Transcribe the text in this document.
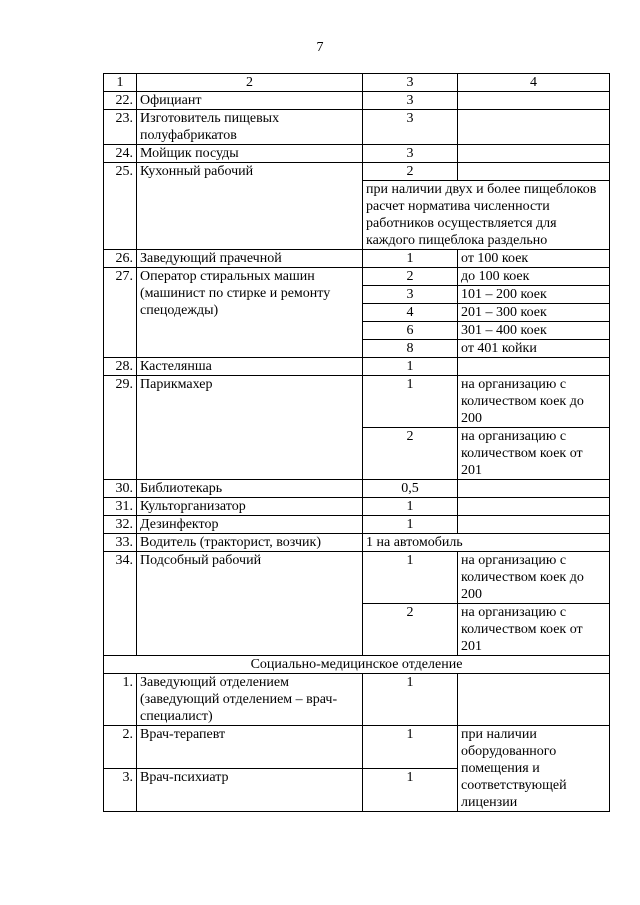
7
1	2	3	4
22.	Официант	3	
23.	Изготовитель пищевых полуфабрикатов	3	
24.	Мойщик посуды	3	
25.	Кухонный рабочий	2	
		при наличии двух и более пищеблоков расчет норматива численности работников осуществляется для каждого пищеблока раздельно	
26.	Заведующий прачечной	1	от 100 коек
27.	Оператор стиральных машин (машинист по стирке и ремонту спецодежды)	2	до 100 коек
		3	101 – 200 коек
		4	201 – 300 коек
		6	301 – 400 коек
		8	от 401 койки
28.	Кастелянша	1	
29.	Парикмахер	1	на организацию с количеством коек до 200
		2	на организацию с количеством коек от 201
30.	Библиотекарь	0,5	
31.	Культорганизатор	1	
32.	Дезинфектор	1	
33.	Водитель (тракторист, возчик)	1 на автомобиль	
34.	Подсобный рабочий	1	на организацию с количеством коек до 200
		2	на организацию с количеством коек от 201
Социально-медицинское отделение			
1.	Заведующий отделением (заведующий отделением – врач-специалист)	1	
2.	Врач-терапевт	1	при наличии оборудованного помещения и соответствующей лицензии
3.	Врач-психиатр	1	
